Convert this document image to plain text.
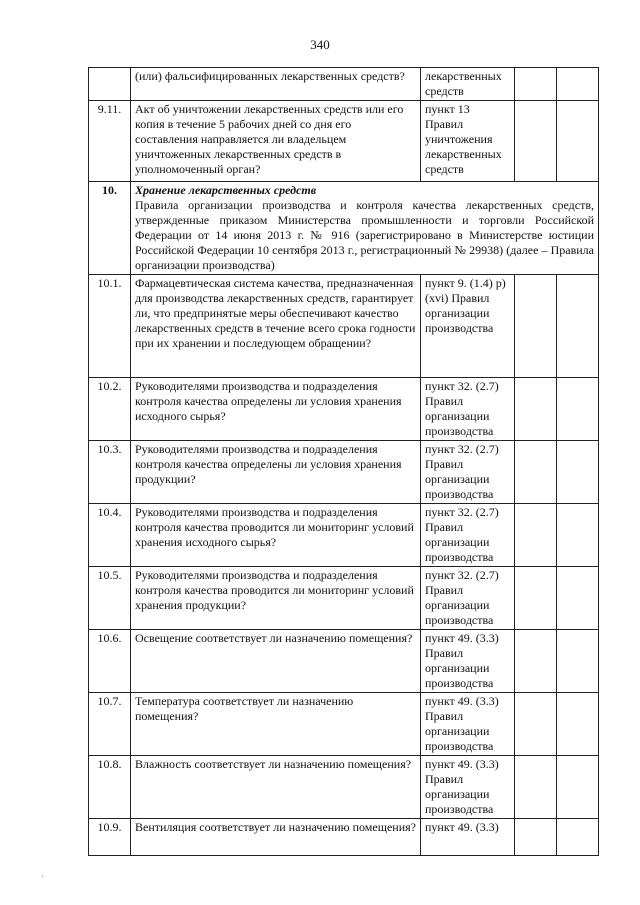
340
	(или) фальсифицированных лекарственных средств?	лекарственных средств		
9.11.	Акт об уничтожении лекарственных средств или его копия в течение 5 рабочих дней со дня его составления направляется ли владельцем уничтоженных лекарственных средств в уполномоченный орган?	пункт 13 Правил уничтожения лекарственных средств		
10.	Хранение лекарственных средств
Правила организации производства и контроля качества лекарственных средств, утвержденные приказом Министерства промышленности и торговли Российской Федерации от 14 июня 2013 г. № 916 (зарегистрировано в Министерстве юстиции Российской Федерации 10 сентября 2013 г., регистрационный № 29938) (далее – Правила организации производства)			

10.1.	Фармацевтическая система качества, предназначенная для производства лекарственных средств, гарантирует ли, что предпринятые меры обеспечивают качество лекарственных средств в течение всего срока годности при их хранении и последующем обращении?	пункт 9. (1.4) р) (xvi) Правил организации производства		
10.2.	Руководителями производства и подразделения контроля качества определены ли условия хранения исходного сырья?	пункт 32. (2.7) Правил организации производства		
10.3.	Руководителями производства и подразделения контроля качества определены ли условия хранения продукции?	пункт 32. (2.7) Правил организации производства		
10.4.	Руководителями производства и подразделения контроля качества проводится ли мониторинг условий хранения исходного сырья?	пункт 32. (2.7) Правил организации производства		
10.5.	Руководителями производства и подразделения контроля качества проводится ли мониторинг условий хранения продукции?	пункт 32. (2.7) Правил организации производства		
10.6.	Освещение соответствует ли назначению помещения?	пункт 49. (3.3) Правил организации производства		
10.7.	Температура соответствует ли назначению помещения?	пункт 49. (3.3) Правил организации производства		
10.8.	Влажность соответствует ли назначению помещения?	пункт 49. (3.3) Правил организации производства		
10.9.	Вентиляция соответствует ли назначению помещения?	пункт 49. (3.3)		
'
